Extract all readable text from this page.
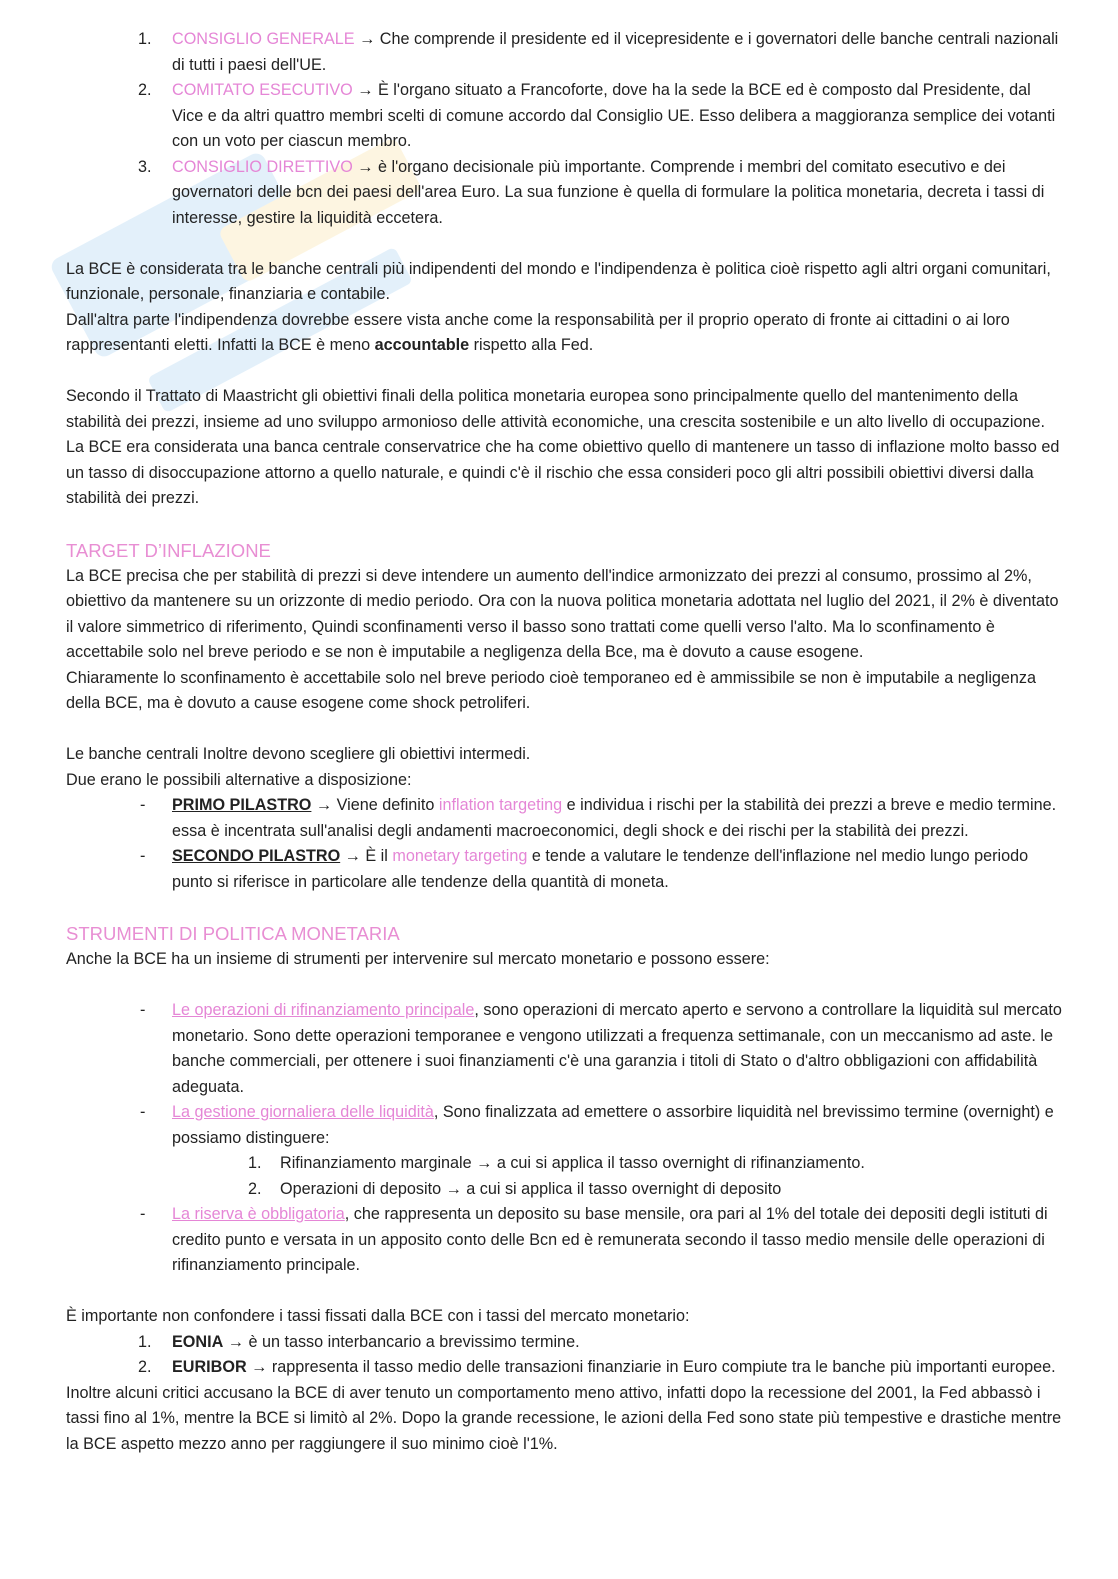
1. CONSIGLIO GENERALE → Che comprende il presidente ed il vicepresidente e i governatori delle banche centrali nazionali di tutti i paesi dell'UE.
2. COMITATO ESECUTIVO → È l'organo situato a Francoforte, dove ha la sede la BCE ed è composto dal Presidente, dal Vice e da altri quattro membri scelti di comune accordo dal Consiglio UE. Esso delibera a maggioranza semplice dei votanti con un voto per ciascun membro.
3. CONSIGLIO DIRETTIVO → è l'organo decisionale più importante. Comprende i membri del comitato esecutivo e dei governatori delle bcn dei paesi dell'area Euro. La sua funzione è quella di formulare la politica monetaria, decreta i tassi di interesse, gestire la liquidità eccetera.

La BCE è considerata tra le banche centrali più indipendenti del mondo e l'indipendenza è politica cioè rispetto agli altri organi comunitari, funzionale, personale, finanziaria e contabile.

Dall'altra parte l'indipendenza dovrebbe essere vista anche come la responsabilità per il proprio operato di fronte ai cittadini o ai loro rappresentanti eletti. Infatti la BCE è meno accountable rispetto alla Fed.

Secondo il Trattato di Maastricht gli obiettivi finali della politica monetaria europea sono principalmente quello del mantenimento della stabilità dei prezzi, insieme ad uno sviluppo armonioso delle attività economiche, una crescita sostenibile e un alto livello di occupazione.

La BCE era considerata una banca centrale conservatrice che ha come obiettivo quello di mantenere un tasso di inflazione molto basso ed un tasso di disoccupazione attorno a quello naturale, e quindi c'è il rischio che essa consideri poco gli altri possibili obiettivi diversi dalla stabilità dei prezzi.

TARGET D’INFLAZIONE

La BCE precisa che per stabilità di prezzi si deve intendere un aumento dell'indice armonizzato dei prezzi al consumo, prossimo al 2%, obiettivo da mantenere su un orizzonte di medio periodo. Ora con la nuova politica monetaria adottata nel luglio del 2021, il 2% è diventato il valore simmetrico di riferimento, Quindi sconfinamenti verso il basso sono trattati come quelli verso l'alto. Ma lo sconfinamento è accettabile solo nel breve periodo e se non è imputabile a negligenza della Bce, ma è dovuto a cause esogene.

Chiaramente lo sconfinamento è accettabile solo nel breve periodo cioè temporaneo ed è ammissibile se non è imputabile a negligenza della BCE, ma è dovuto a cause esogene come shock petroliferi.

Le banche centrali Inoltre devono scegliere gli obiettivi intermedi.

Due erano le possibili alternative a disposizione:

- PRIMO PILASTRO → Viene definito inflation targeting e individua i rischi per la stabilità dei prezzi a breve e medio termine. essa è incentrata sull'analisi degli andamenti macroeconomici, degli shock e dei rischi per la stabilità dei prezzi.
- SECONDO PILASTRO → È il monetary targeting e tende a valutare le tendenze dell'inflazione nel medio lungo periodo punto si riferisce in particolare alle tendenze della quantità di moneta.

STRUMENTI DI POLITICA MONETARIA

Anche la BCE ha un insieme di strumenti per intervenire sul mercato monetario e possono essere:

- Le operazioni di rifinanziamento principale, sono operazioni di mercato aperto e servono a controllare la liquidità sul mercato monetario. Sono dette operazioni temporanee e vengono utilizzati a frequenza settimanale, con un meccanismo ad aste. le banche commerciali, per ottenere i suoi finanziamenti c'è una garanzia i titoli di Stato o d'altro obbligazioni con affidabilità adeguata.
- La gestione giornaliera delle liquidità, Sono finalizzata ad emettere o assorbire liquidità nel brevissimo termine (overnight) e possiamo distinguere:
1. Rifinanziamento marginale → a cui si applica il tasso overnight di rifinanziamento.
2. Operazioni di deposito → a cui si applica il tasso overnight di deposito
- La riserva è obbligatoria, che rappresenta un deposito su base mensile, ora pari al 1% del totale dei depositi degli istituti di credito punto e versata in un apposito conto delle Bcn ed è remunerata secondo il tasso medio mensile delle operazioni di rifinanziamento principale.

È importante non confondere i tassi fissati dalla BCE con i tassi del mercato monetario:

1. EONIA → è un tasso interbancario a brevissimo termine.
2. EURIBOR → rappresenta il tasso medio delle transazioni finanziarie in Euro compiute tra le banche più importanti europee.

Inoltre alcuni critici accusano la BCE di aver tenuto un comportamento meno attivo, infatti dopo la recessione del 2001, la Fed abbassò i tassi fino al 1%, mentre la BCE si limitò al 2%. Dopo la grande recessione, le azioni della Fed sono state più tempestive e drastiche mentre la BCE aspetto mezzo anno per raggiungere il suo minimo cioè l'1%.
